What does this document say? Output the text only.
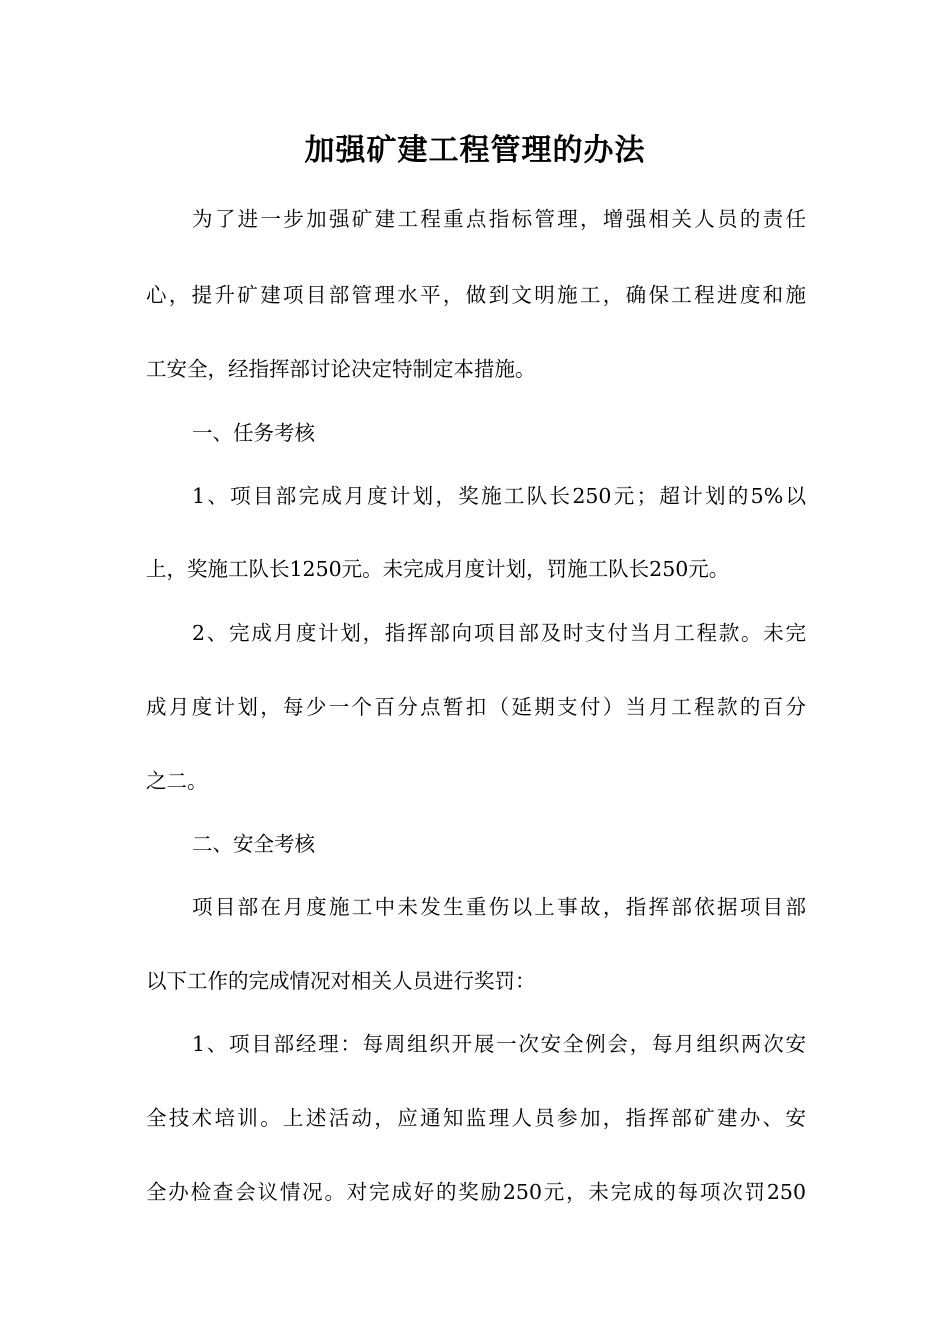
加强矿建工程管理的办法
为了进一步加强矿建工程重点指标管理，增强相关人员的责任
心，提升矿建项目部管理水平，做到文明施工，确保工程进度和施
工安全，经指挥部讨论决定特制定本措施。
一、任务考核
1、项目部完成月度计划，奖施工队长250元；超计划的5%以
上，奖施工队长1250元。未完成月度计划，罚施工队长250元。
2、完成月度计划，指挥部向项目部及时支付当月工程款。未完
成月度计划，每少一个百分点暂扣（延期支付）当月工程款的百分
之二。
二、安全考核
项目部在月度施工中未发生重伤以上事故，指挥部依据项目部
以下工作的完成情况对相关人员进行奖罚：
1、项目部经理：每周组织开展一次安全例会，每月组织两次安
全技术培训。上述活动，应通知监理人员参加，指挥部矿建办、安
全办检查会议情况。对完成好的奖励250元，未完成的每项次罚250
